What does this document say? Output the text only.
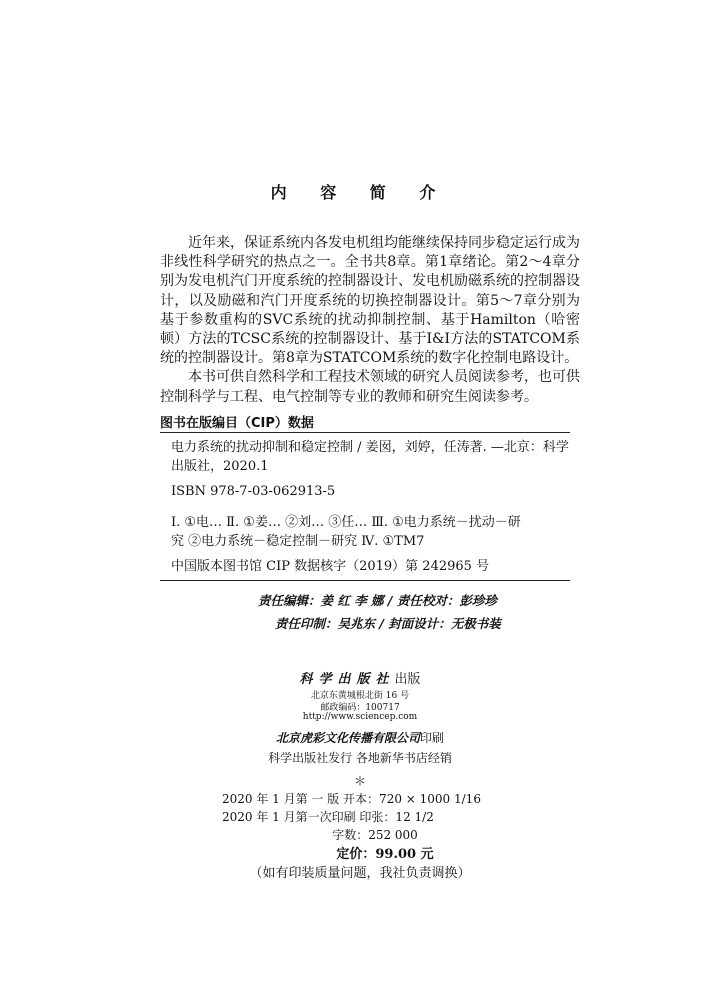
内 容 简 介

近年来，保证系统内各发电机组均能继续保持同步稳定运行成为非线性科学研究的热点之一。全书共8章。第1章绪论。第2～4章分别为发电机汽门开度系统的控制器设计、发电机励磁系统的控制器设计，以及励磁和汽门开度系统的切换控制器设计。第5～7章分别为基于参数重构的SVC系统的扰动抑制控制、基于Hamilton（哈密顿）方法的TCSC系统的控制器设计、基于I&I方法的STATCOM系统的控制器设计。第8章为STATCOM系统的数字化控制电路设计。

本书可供自然科学和工程技术领域的研究人员阅读参考，也可供控制科学与工程、电气控制等专业的教师和研究生阅读参考。

图书在版编目（CIP）数据
电力系统的扰动抑制和稳定控制 / 姜囡，刘婷，任涛著. —北京：科学
出版社，2020.1
ISBN 978-7-03-062913-5
Ⅰ. ①电… Ⅱ. ①姜… ②刘… ③任… Ⅲ. ①电力系统－扰动－研
究 ②电力系统－稳定控制－研究 Ⅳ. ①TM7
中国版本图书馆 CIP 数据核字（2019）第 242965 号
责任编辑：姜 红 李 娜 / 责任校对：彭珍珍
责任印制：吴兆东 / 封面设计：无极书装
科学出版社出版
北京东黄城根北街 16 号
邮政编码：100717
http://www.sciencep.com
北京虎彩文化传播有限公司印刷
科学出版社发行 各地新华书店经销
＊
2020 年 1 月第 一 版 开本：720 × 1000 1/16
2020 年 1 月第一次印刷 印张：12 1/2
字数：252 000
定价：99.00 元
（如有印装质量问题，我社负责调换）
